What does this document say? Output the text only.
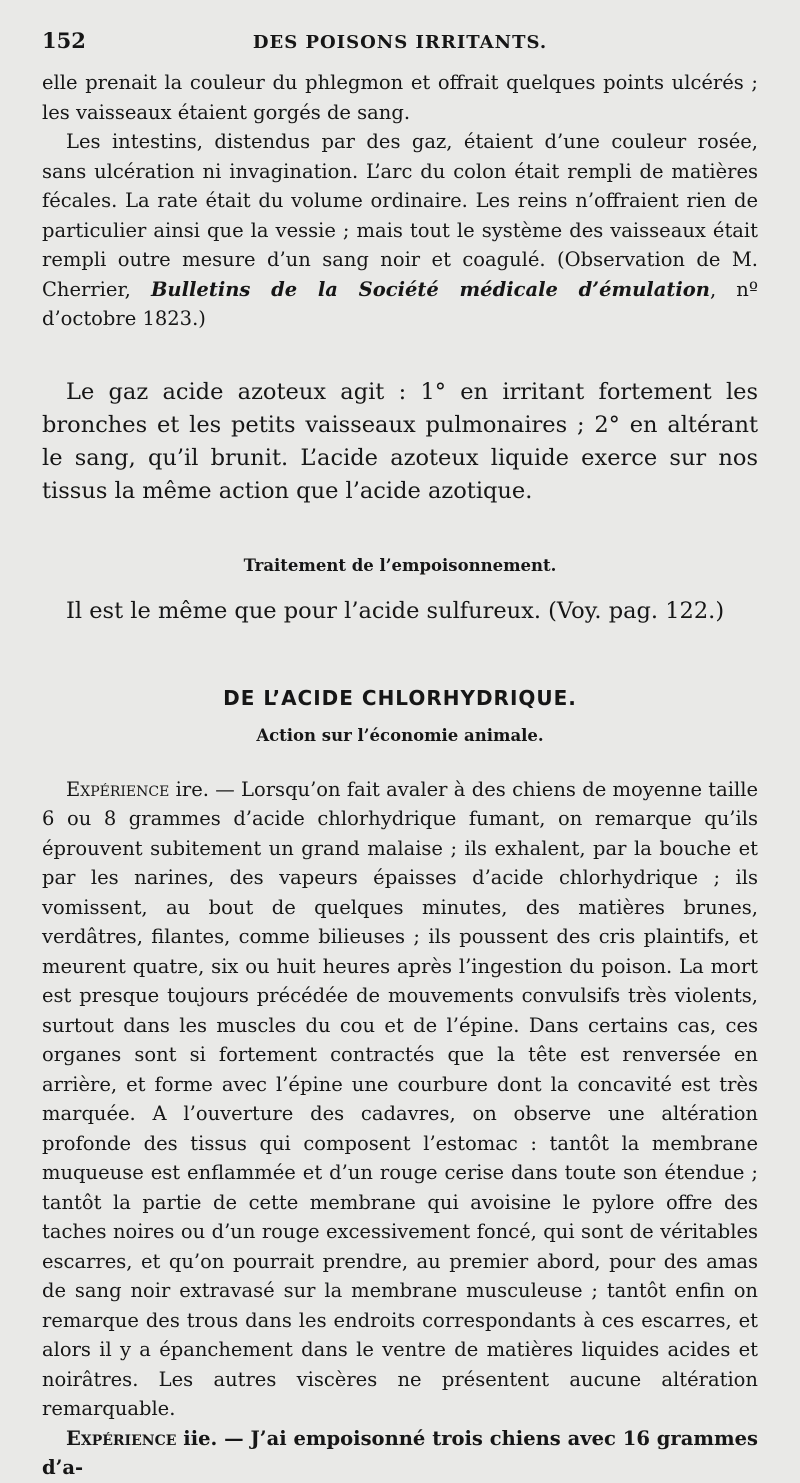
152	DES POISONS IRRITANTS.

elle prenait la couleur du phlegmon et offrait quelques points ulcérés ; les vaisseaux étaient gorgés de sang.

Les intestins, distendus par des gaz, étaient d’une couleur rosée, sans ulcération ni invagination. L’arc du colon était rempli de matières fécales. La rate était du volume ordinaire. Les reins n’offraient rien de particulier ainsi que la vessie ; mais tout le système des vaisseaux était rempli outre mesure d’un sang noir et coagulé. (Observation de M. Cherrier, Bulletins de la Société médicale d’émulation, nº d’octobre 1823.)

Le gaz acide azoteux agit : 1° en irritant fortement les bronches et les petits vaisseaux pulmonaires ; 2° en altérant le sang, qu’il brunit. L’acide azoteux liquide exerce sur nos tissus la même action que l’acide azotique.

Traitement de l’empoisonnement.

Il est le même que pour l’acide sulfureux. (Voy. pag. 122.)

DE L’ACIDE CHLORHYDRIQUE.

Action sur l’économie animale.

Expérience ire. — Lorsqu’on fait avaler à des chiens de moyenne taille 6 ou 8 grammes d’acide chlorhydrique fumant, on remarque qu’ils éprouvent subitement un grand malaise ; ils exhalent, par la bouche et par les narines, des vapeurs épaisses d’acide chlorhydrique ; ils vomissent, au bout de quelques minutes, des matières brunes, verdâtres, filantes, comme bilieuses ; ils poussent des cris plaintifs, et meurent quatre, six ou huit heures après l’ingestion du poison. La mort est presque toujours précédée de mouvements convulsifs très violents, surtout dans les muscles du cou et de l’épine. Dans certains cas, ces organes sont si fortement contractés que la tête est renversée en arrière, et forme avec l’épine une courbure dont la concavité est très marquée. A l’ouverture des cadavres, on observe une altération profonde des tissus qui composent l’estomac : tantôt la membrane muqueuse est enflammée et d’un rouge cerise dans toute son étendue ; tantôt la partie de cette membrane qui avoisine le pylore offre des taches noires ou d’un rouge excessivement foncé, qui sont de véritables escarres, et qu’on pourrait prendre, au premier abord, pour des amas de sang noir extravasé sur la membrane musculeuse ; tantôt enfin on remarque des trous dans les endroits correspondants à ces escarres, et alors il y a épanchement dans le ventre de matières liquides acides et noirâtres. Les autres viscères ne présentent aucune altération remarquable.

Expérience iie. — J’ai empoisonné trois chiens avec 16 grammes d’a-
